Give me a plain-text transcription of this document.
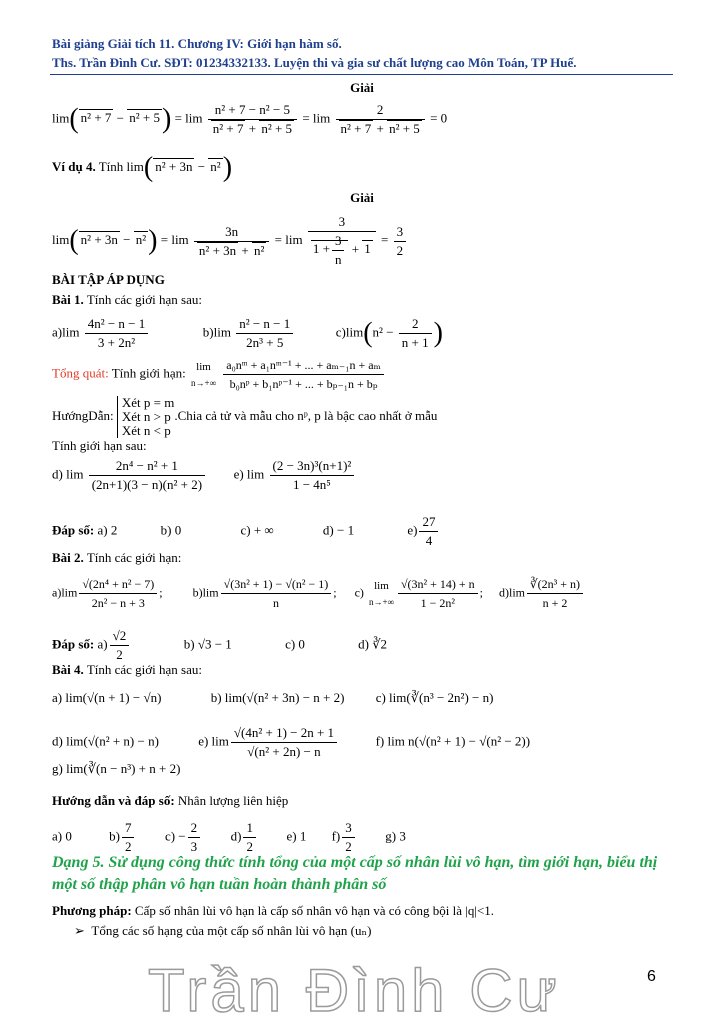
Bài giảng Giải tích 11. Chương IV: Giới hạn hàm số.
Ths. Trần Đình Cư. SĐT: 01234332133. Luyện thi và gia sư chất lượng cao Môn Toán, TP Huế.
Giải
lim( $n^2 + 7 - n^2 + 5) = \lim \frac{\text{n² + 7 − n² − 5}}{\text{n² + 7 + n² + 5}} = \lim \frac{2}{\text{n² + 7 + n² + 5}} = 0$
Ví dụ 4. Tính lim( n² + 3n − n²)
Giải
lim( $n^2 + 3n - n^2) = \lim \frac{3n}{\text{n² + 3n + n²}} = \lim \frac{3}{1 + \frac{3}{n} + 1} = \frac{3}{2}$
BÀI TẬP ÁP DỤNG
Bài 1. Tính các giới hạn sau:
$a)\lim \frac{\text{4n² − n − 1}}{\text{3 + 2n²}}$	$b)\lim \frac{\text{n² − n − 1}}{\text{2n³ + 5}}$	$c)\lim(n^2 - \frac{2}{n + 1}$ )
Tổng quát: Tính giới hạn: lim
n→+∞
$\frac{\text{a₀nᵐ + a₁nᵐ⁻¹ + ... + aₘ₋₁n + aₘ}}{\text{b₀nᵖ + b₁nᵖ⁻¹ + ... + bₚ₋₁n + bₚ}}$
HướngDẫn:
Xét p = m
Xét n > p
Xét n < p
.Chia cả tử và mẫu cho nᵖ, p là bậc cao nhất ở mẫu
Tính giới hạn sau:
d) $\lim \frac{\text{2n⁴ − n² + 1}}{\text{(2n+1)(3 − n)(n² + 2)}} e$) $\lim \frac{\text{(2 − 3n)³(n+1)²}}{\text{1 − 4n⁵}}$
Đáp số: a) 2	b) 0	c) + ∞	d) − 1	$e) \frac{27}{4}$
Bài 2. Tính các giới hạn:
$a)\lim \frac{\text{√(2n⁴ + n² − 7)}}{\text{2n² − n + 3}}$ ;	$b)\lim \frac{\text{√(3n² + 1) − √(n² − 1)}}{n}$ ; c) lim
$n\to+\infty \frac{\text{√(3n² + 14) + n}}{\text{1 − 2n²}}$ ; $d)\lim \frac{\text{∛(2n³ + n)}}{n + 2}$
Đáp số: $a) \frac{√2}{2}$	b) √3 − 1	c) 0	d) ∛2
Bài 4. Tính các giới hạn sau:
a) lim(√(n + 1) − √n)	b) lim(√(n² + 3n) − n + 2) c) lim(∛(n³ − 2n²) − n)
d) lim(√(n² + n) − n)	e) $\lim \frac{\text{√(4n² + 1) − 2n + 1}}{\text{√(n² + 2n) − n}}$	f) lim n(√(n² + 1) − √(n² − 2))
g) lim(∛(n − n³) + n + 2)
Hướng dẫn và đáp số: Nhân lượng liên hiệp
a) 0	$b) \frac{7}{2} c) - \frac{2}{3} d) \frac{1}{2} e$) 1 $f) \frac{3}{2} g$) 3
Dạng 5. Sử dụng công thức tính tổng của một cấp số nhân lùi vô hạn, tìm giới hạn, biểu thị một số thập phân vô hạn tuần hoàn thành phân số
Phương pháp: Cấp số nhân lùi vô hạn là cấp số nhân vô hạn và có công bội là |q|<1.
➢ Tổng các số hạng của một cấp số nhân lùi vô hạn (uₙ)
Trần Đình Cư	6
